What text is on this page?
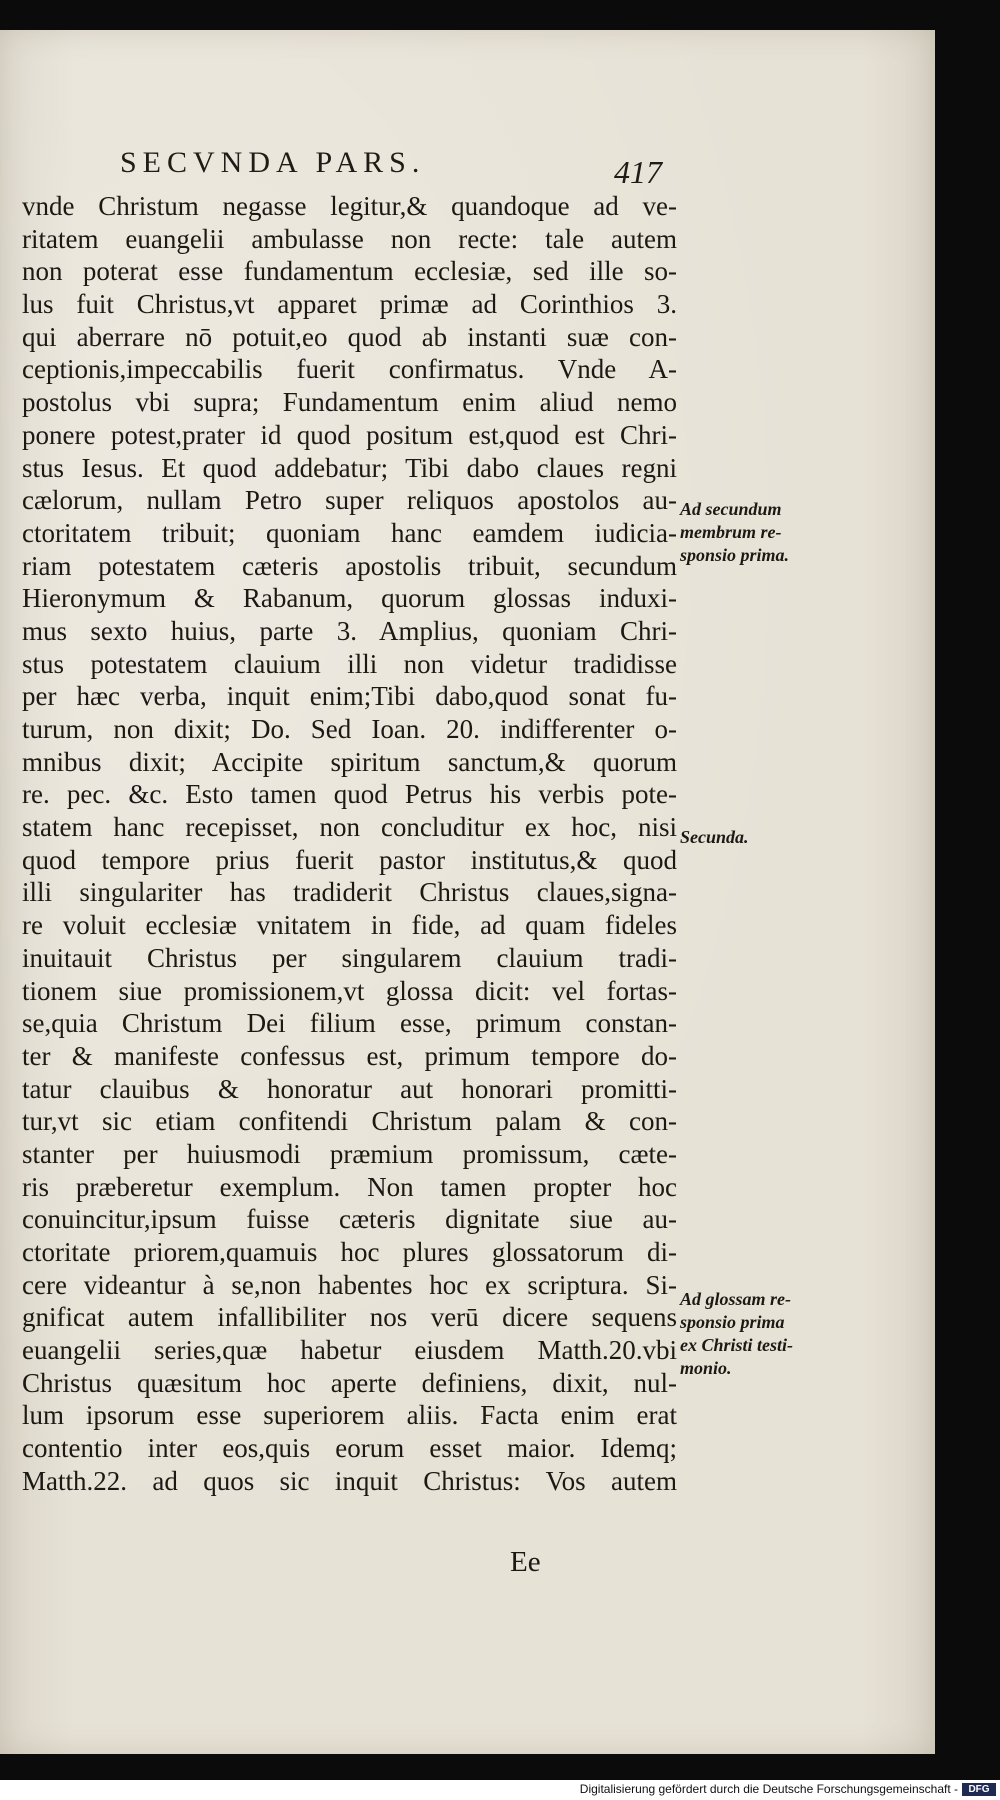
SECVNDA PARS.	417
vnde Christum negasse legitur,& quandoque ad ve-
ritatem euangelii ambulasse non recte: tale autem
non poterat esse fundamentum ecclesiæ, sed ille so-
lus fuit Christus,vt apparet primæ ad Corinthios 3.
qui aberrare nō potuit,eo quod ab instanti suæ con-
ceptionis,impeccabilis fuerit confirmatus. Vnde A-
postolus vbi supra; Fundamentum enim aliud nemo
ponere potest,prater id quod positum est,quod est Chri-
stus Iesus. Et quod addebatur; Tibi dabo claues regni
cælorum, nullam Petro super reliquos apostolos au-
ctoritatem tribuit; quoniam hanc eamdem iudicia-
riam potestatem cæteris apostolis tribuit, secundum
Hieronymum & Rabanum, quorum glossas induxi-
mus sexto huius, parte 3. Amplius, quoniam Chri-
stus potestatem clauium illi non videtur tradidisse
per hæc verba, inquit enim;Tibi dabo,quod sonat fu-
turum, non dixit; Do. Sed Ioan. 20. indifferenter o-
mnibus dixit; Accipite spiritum sanctum,& quorum
re. pec. &c. Esto tamen quod Petrus his verbis pote-
statem hanc recepisset, non concluditur ex hoc, nisi
quod tempore prius fuerit pastor institutus,& quod
illi singulariter has tradiderit Christus claues,signa-
re voluit ecclesiæ vnitatem in fide, ad quam fideles
inuitauit Christus per singularem clauium tradi-
tionem siue promissionem,vt glossa dicit: vel fortas-
se,quia Christum Dei filium esse, primum constan-
ter & manifeste confessus est, primum tempore do-
tatur clauibus & honoratur aut honorari promitti-
tur,vt sic etiam confitendi Christum palam & con-
stanter per huiusmodi præmium promissum, cæte-
ris præberetur exemplum. Non tamen propter hoc
conuincitur,ipsum fuisse cæteris dignitate siue au-
ctoritate priorem,quamuis hoc plures glossatorum di-
cere videantur à se,non habentes hoc ex scriptura. Si-
gnificat autem infallibiliter nos verū dicere sequens
euangelii series,quæ habetur eiusdem Matth.20.vbi
Christus quæsitum hoc aperte definiens, dixit, nul-
lum ipsorum esse superiorem aliis. Facta enim erat
contentio inter eos,quis eorum esset maior. Idemq;
Matth.22. ad quos sic inquit Christus: Vos autem
Ee
Ad secundum
membrum re-
sponsio prima.
Secunda.
Ad glossam re-
sponsio prima
ex Christi testi-
monio.
Digitalisierung gefördert durch die Deutsche Forschungsgemeinschaft -	DFG
